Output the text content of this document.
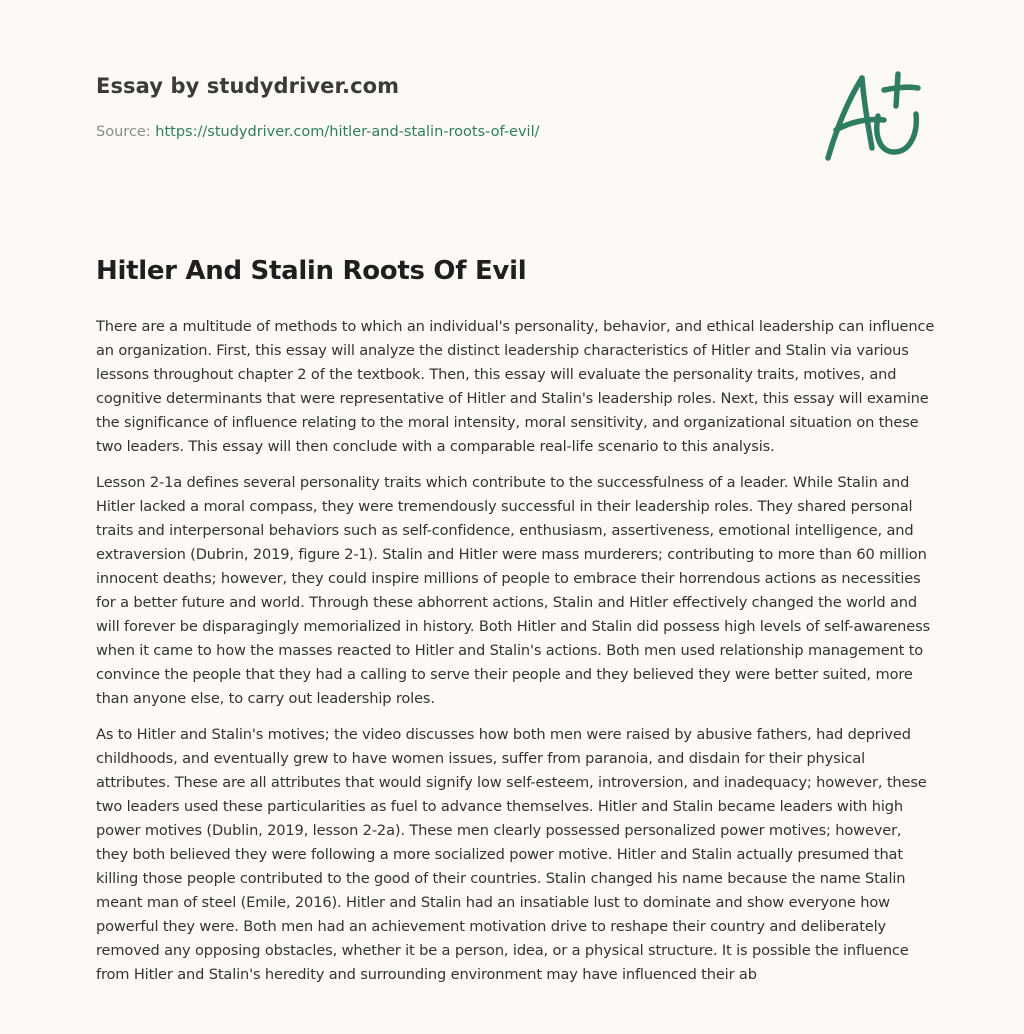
Essay by studydriver.com
Source: https://studydriver.com/hitler-and-stalin-roots-of-evil/
Hitler And Stalin Roots Of Evil

There are a multitude of methods to which an individual's personality, behavior, and ethical leadership can influence an organization. First, this essay will analyze the distinct leadership characteristics of Hitler and Stalin via various lessons throughout chapter 2 of the textbook. Then, this essay will evaluate the personality traits, motives, and cognitive determinants that were representative of Hitler and Stalin's leadership roles. Next, this essay will examine the significance of influence relating to the moral intensity, moral sensitivity, and organizational situation on these two leaders. This essay will then conclude with a comparable real-life scenario to this analysis.

Lesson 2-1a defines several personality traits which contribute to the successfulness of a leader. While Stalin and Hitler lacked a moral compass, they were tremendously successful in their leadership roles. They shared personal traits and interpersonal behaviors such as self-confidence, enthusiasm, assertiveness, emotional intelligence, and extraversion (Dubrin, 2019, figure 2-1). Stalin and Hitler were mass murderers; contributing to more than 60 million innocent deaths; however, they could inspire millions of people to embrace their horrendous actions as necessities for a better future and world. Through these abhorrent actions, Stalin and Hitler effectively changed the world and will forever be disparagingly memorialized in history. Both Hitler and Stalin did possess high levels of self-awareness when it came to how the masses reacted to Hitler and Stalin's actions. Both men used relationship management to convince the people that they had a calling to serve their people and they believed they were better suited, more than anyone else, to carry out leadership roles.

As to Hitler and Stalin's motives; the video discusses how both men were raised by abusive fathers, had deprived childhoods, and eventually grew to have women issues, suffer from paranoia, and disdain for their physical attributes. These are all attributes that would signify low self-esteem, introversion, and inadequacy; however, these two leaders used these particularities as fuel to advance themselves. Hitler and Stalin became leaders with high power motives (Dublin, 2019, lesson 2-2a). These men clearly possessed personalized power motives; however, they both believed they were following a more socialized power motive. Hitler and Stalin actually presumed that killing those people contributed to the good of their countries. Stalin changed his name because the name Stalin meant man of steel (Emile, 2016). Hitler and Stalin had an insatiable lust to dominate and show everyone how powerful they were. Both men had an achievement motivation drive to reshape their country and deliberately removed any opposing obstacles, whether it be a person, idea, or a physical structure. It is possible the influence from Hitler and Stalin's heredity and surrounding environment may have influenced their ab
